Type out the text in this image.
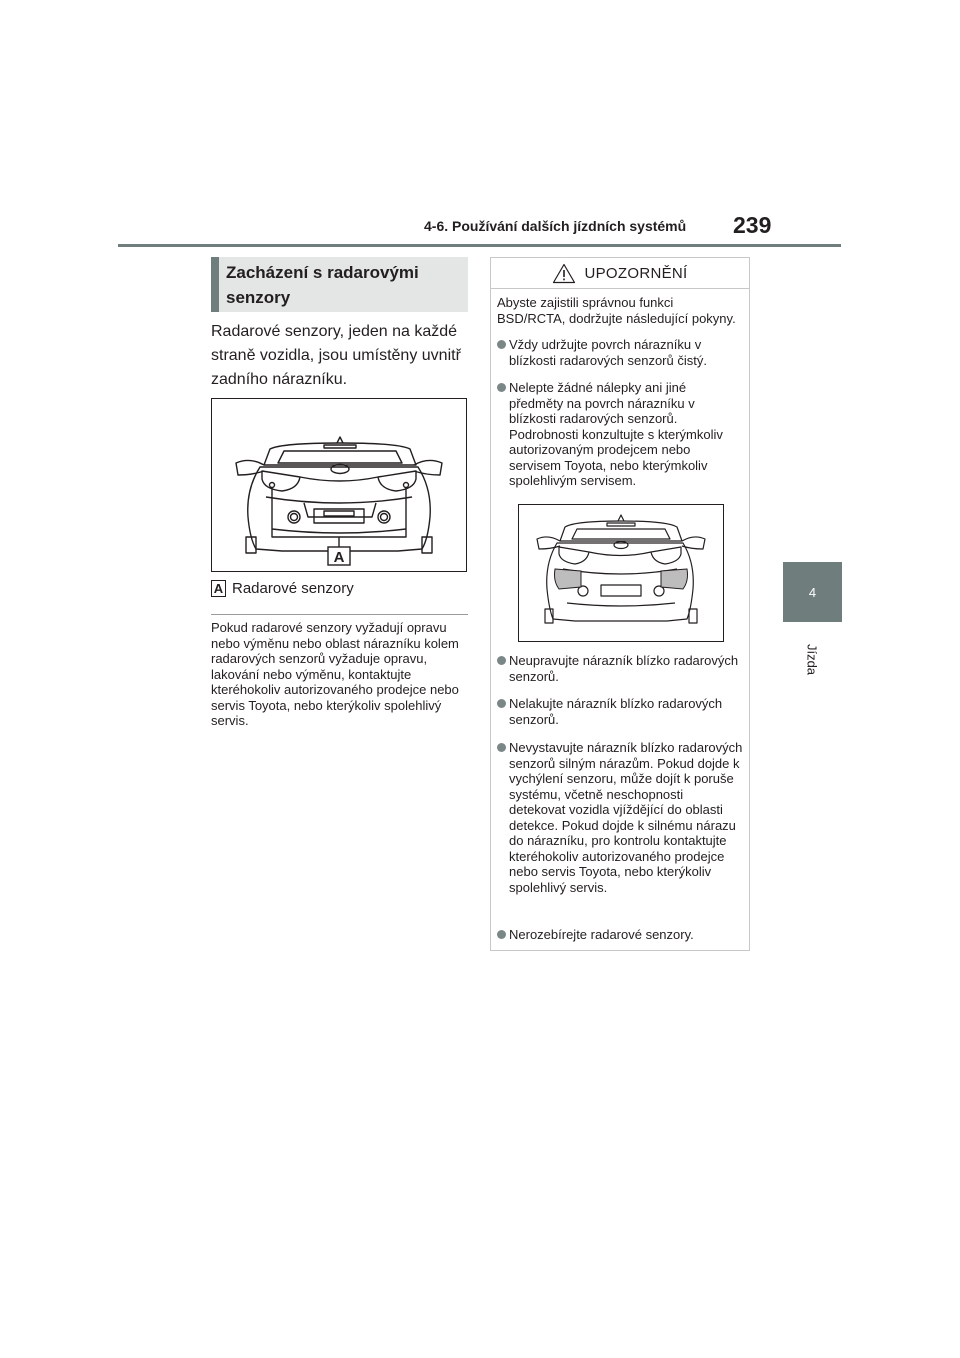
4-6. Používání dalších jízdních systémů 239
4
Jízda
Zacházení s radarovými senzory
Radarové senzory, jeden na každé straně vozidla, jsou umístěny uvnitř zadního nárazníku.
A
A Radarové senzory
Pokud radarové senzory vyžadují opravu nebo výměnu nebo oblast nárazníku kolem radarových senzorů vyžaduje opravu, lakování nebo výměnu, kontaktujte kteréhokoliv autorizovaného prodejce nebo servis Toyota, nebo kterýkoliv spolehlivý servis.
UPOZORNĚNÍ
Abyste zajistili správnou funkci BSD/RCTA, dodržujte následující pokyny.
Vždy udržujte povrch nárazníku v blízkosti radarových senzorů čistý.
Nelepte žádné nálepky ani jiné předměty na povrch nárazníku v blízkosti radarových senzorů. Podrobnosti konzultujte s kterýmkoliv autorizovaným prodejcem nebo servisem Toyota, nebo kterýmkoliv spolehlivým servisem.
Neupravujte nárazník blízko radarových senzorů.
Nelakujte nárazník blízko radarových senzorů.
Nevystavujte nárazník blízko radarových senzorů silným nárazům. Pokud dojde k vychýlení senzoru, může dojít k poruše systému, včetně neschopnosti detekovat vozidla vjíždějící do oblasti detekce. Pokud dojde k silnému nárazu do nárazníku, pro kontrolu kontaktujte kteréhokoliv autorizovaného prodejce nebo servis Toyota, nebo kterýkoliv spolehlivý servis.
Nerozebírejte radarové senzory.
